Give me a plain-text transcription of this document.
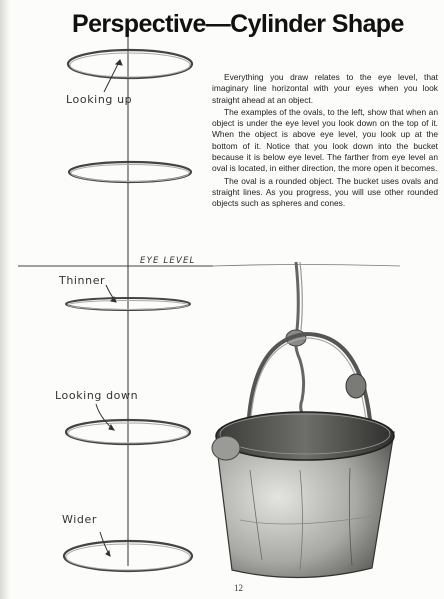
Perspective—Cylinder Shape

Everything you draw relates to the eye level, that imaginary line horizontal with your eyes when you look straight ahead at an object.

The examples of the ovals, to the left, show that when an object is under the eye level you look down on the top of it. When the object is above eye level, you look up at the bottom of it. Notice that you look down into the bucket because it is below eye level. The farther from eye level an oval is located, in either direction, the more open it becomes.

The oval is a rounded object. The bucket uses ovals and straight lines. As you progress, you will use other rounded objects such as spheres and cones.

EYE LEVEL
Looking up
Thinner
Looking down
Wider
12
